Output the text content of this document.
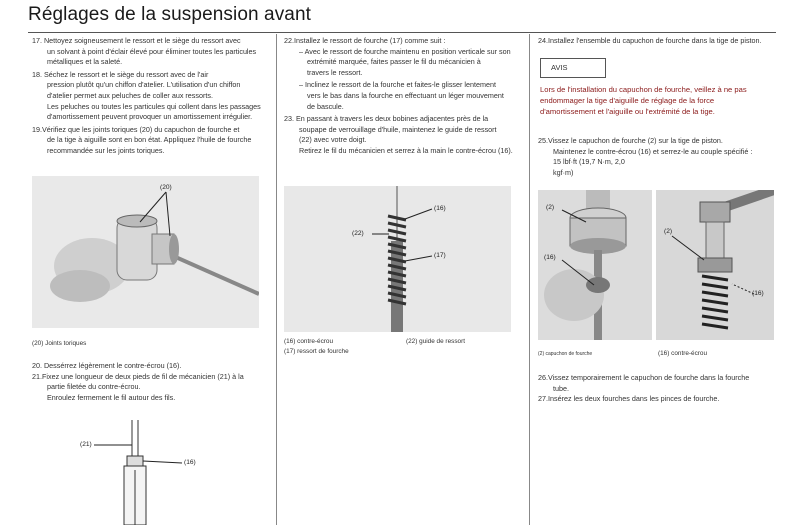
Réglages de la suspension avant

17. Nettoyez soigneusement le ressort et le siège du ressort avec

un solvant à point d'éclair élevé pour éliminer toutes les particules

métalliques et la saleté.

18. Séchez le ressort et le siège du ressort avec de l'air

pression plutôt qu'un chiffon d'atelier. L'utilisation d'un chiffon

d'atelier permet aux peluches de coller aux ressorts.

Les peluches ou toutes les particules qui collent dans les passages

d'amortissement peuvent provoquer un amortissement irrégulier.

19.Vérifiez que les joints toriques (20) du capuchon de fourche et

de la tige à aiguille sont en bon état. Appliquez l'huile de fourche

recommandée sur les joints toriques.

(20)
(20) Joints toriques

20. Dessérrez légèrement le contre-écrou (16).

21.Fixez une longueur de deux pieds de fil de mécanicien (21) à la

partie filetée du contre-écrou.

Enroulez fermement le fil autour des fils.

(21)
(16)

22.Installez le ressort de fourche (17) comme suit :

– Avec le ressort de fourche maintenu en position verticale sur son

extrémité marquée, faites passer le fil du mécanicien à

travers le ressort.

– Inclinez le ressort de la fourche et faites-le glisser lentement

vers le bas dans la fourche en effectuant un léger mouvement

de bascule.

23. En passant à travers les deux bobines adjacentes près de la

soupape de verrouillage d'huile, maintenez le guide de ressort

(22) avec votre doigt.

Retirez le fil du mécanicien et serrez à la main le contre-écrou (16).

(16)
(22)
(17)
(16) contre-écrou	(22) guide de ressort
(17) ressort de fourche
24.Installez l'ensemble du capuchon de fourche dans la tige de piston.
AVIS

Lors de l'installation du capuchon de fourche, veillez à ne pas

endommager la tige d'aiguille de réglage de la force

d'amortissement et l'aiguille ou l'extrémité de la tige.

25.Vissez le capuchon de fourche (2) sur la tige de piston.

Maintenez le contre-écrou (16) et serrez-le au couple spécifié :

15 lbf·ft (19,7 N·m, 2,0

kgf·m)

(2)
(16)
(2)
(16)
(2) capuchon de fourche	(16) contre-écrou

26.Vissez temporairement le capuchon de fourche dans la fourche

tube.

27.Insérez les deux fourches dans les pinces de fourche.
